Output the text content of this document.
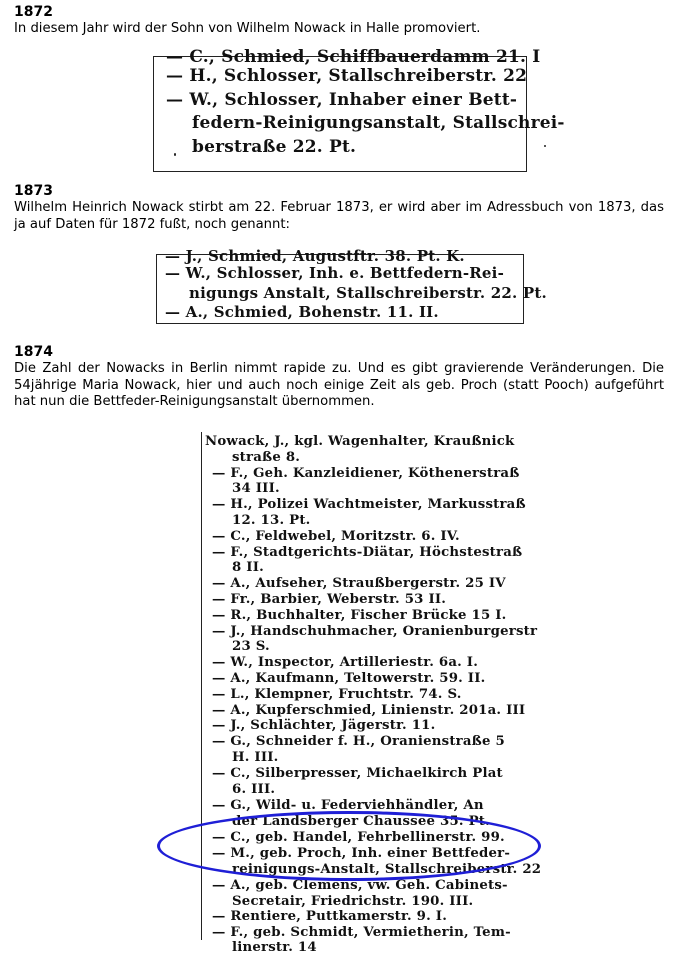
1872
In diesem Jahr wird der Sohn von Wilhelm Nowack in Halle promoviert.
— C., Schmied, Schiffbauerdamm 21. I
— H., Schlosser, Stallschreiberstr. 22
— W., Schlosser, Inhaber einer Bett-
federn-Reinigungsanstalt, Stallschrei-
berstraße 22. Pt.
1873
Wilhelm Heinrich Nowack stirbt am 22. Februar 1873, er wird aber im Adressbuch von 1873, das ja auf Daten für 1872 fußt, noch genannt:
— J., Schmied, Augustftr. 38. Pt. K.
— W., Schlosser, Inh. e. Bettfedern-Rei-
nigungs Anstalt, Stallschreiberstr. 22. Pt.
— A., Schmied, Bohenstr. 11. II.
1874
Die Zahl der Nowacks in Berlin nimmt rapide zu. Und es gibt gravierende Veränderungen. Die 54jährige Maria Nowack, hier und auch noch einige Zeit als geb. Proch (statt Pooch) aufgeführt hat nun die Bettfeder-Reinigungsanstalt übernommen.
Nowack, J., kgl. Wagenhalter, Kraußnick
straße 8.
— F., Geh. Kanzleidiener, Köthenerstraß
34 III.
— H., Polizei Wachtmeister, Markusstraß
12. 13. Pt.
— C., Feldwebel, Moritzstr. 6. IV.
— F., Stadtgerichts-Diätar, Höchstestraß
8 II.
— A., Aufseher, Straußbergerstr. 25 IV
— Fr., Barbier, Weberstr. 53 II.
— R., Buchhalter, Fischer Brücke 15 I.
— J., Handschuhmacher, Oranienburgerstr
23 S.
— W., Inspector, Artilleriestr. 6a. I.
— A., Kaufmann, Teltowerstr. 59. II.
— L., Klempner, Fruchtstr. 74. S.
— A., Kupferschmied, Linienstr. 201a. III
— J., Schlächter, Jägerstr. 11.
— G., Schneider f. H., Oranienstraße 5
H. III.
— C., Silberpresser, Michaelkirch Plat
6. III.
— G., Wild- u. Federviehhändler, An
der Landsberger Chaussee 35. Pt.
— C., geb. Handel, Fehrbellinerstr. 99.
— M., geb. Proch, Inh. einer Bettfeder-
reinigungs-Anstalt, Stallschreiberstr. 22
— A., geb. Clemens, vw. Geh. Cabinets-
Secretair, Friedrichstr. 190. III.
— Rentiere, Puttkamerstr. 9. I.
— F., geb. Schmidt, Vermietherin, Tem-
linerstr. 14
